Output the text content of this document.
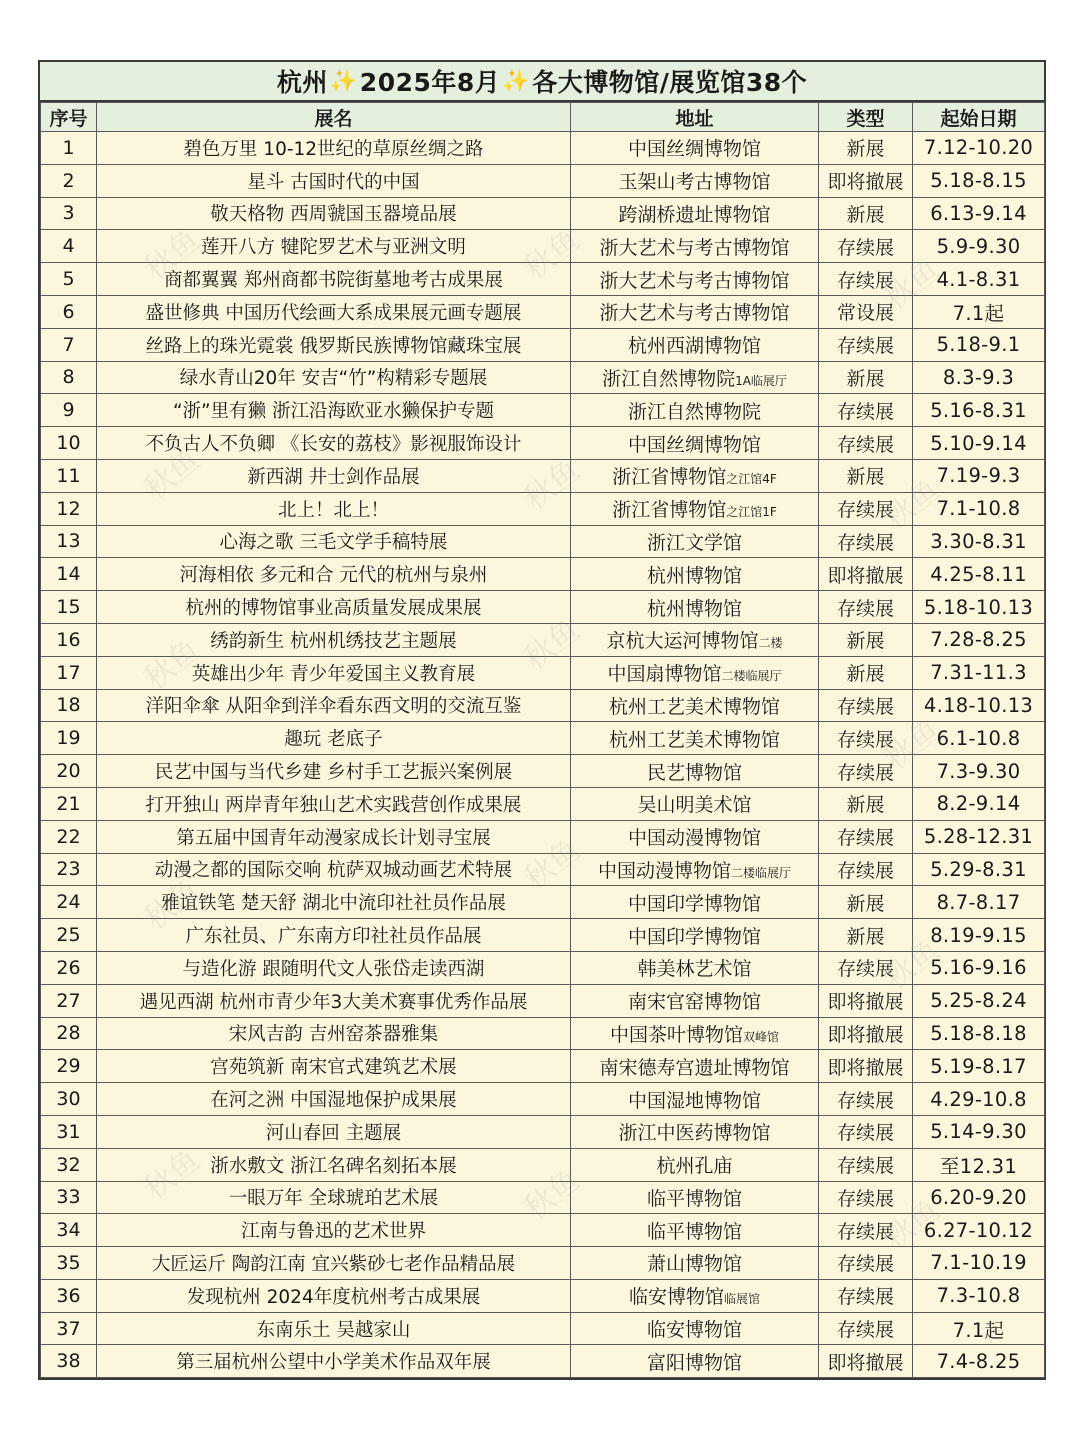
杭州 ✨ 2025年8月 ✨ 各大博物馆/展览馆38个
序号	展名	地址	类型	起始日期
1	碧色万里 10-12世纪的草原丝绸之路	中国丝绸博物馆	新展	7.12-10.20
2	星斗 古国时代的中国	玉架山考古博物馆	即将撤展	5.18-8.15
3	敬天格物 西周虢国玉器境品展	跨湖桥遗址博物馆	新展	6.13-9.14
4	莲开八方 犍陀罗艺术与亚洲文明	浙大艺术与考古博物馆	存续展	5.9-9.30
5	商都翼翼 郑州商都书院街墓地考古成果展	浙大艺术与考古博物馆	存续展	4.1-8.31
6	盛世修典 中国历代绘画大系成果展元画专题展	浙大艺术与考古博物馆	常设展	7.1起
7	丝路上的珠光霓裳 俄罗斯民族博物馆藏珠宝展	杭州西湖博物馆	存续展	5.18-9.1
8	绿水青山20年 安吉“竹”构精彩专题展	浙江自然博物院1A临展厅	新展	8.3-9.3
9	“浙”里有獭 浙江沿海欧亚水獭保护专题	浙江自然博物院	存续展	5.16-8.31
10	不负古人不负卿 《长安的荔枝》影视服饰设计	中国丝绸博物馆	存续展	5.10-9.14
11	新西湖 井士剑作品展	浙江省博物馆之江馆4F	新展	7.19-9.3
12	北上！北上！	浙江省博物馆之江馆1F	存续展	7.1-10.8
13	心海之歌 三毛文学手稿特展	浙江文学馆	存续展	3.30-8.31
14	河海相依 多元和合 元代的杭州与泉州	杭州博物馆	即将撤展	4.25-8.11
15	杭州的博物馆事业高质量发展成果展	杭州博物馆	存续展	5.18-10.13
16	绣韵新生 杭州机绣技艺主题展	京杭大运河博物馆二楼	新展	7.28-8.25
17	英雄出少年 青少年爱国主义教育展	中国扇博物馆二楼临展厅	新展	7.31-11.3
18	洋阳伞傘 从阳伞到洋伞看东西文明的交流互鉴	杭州工艺美术博物馆	存续展	4.18-10.13
19	趣玩 老底子	杭州工艺美术博物馆	存续展	6.1-10.8
20	民艺中国与当代乡建 乡村手工艺振兴案例展	民艺博物馆	存续展	7.3-9.30
21	打开独山 两岸青年独山艺术实践营创作成果展	吴山明美术馆	新展	8.2-9.14
22	第五届中国青年动漫家成长计划寻宝展	中国动漫博物馆	存续展	5.28-12.31
23	动漫之都的国际交响 杭萨双城动画艺术特展	中国动漫博物馆二楼临展厅	存续展	5.29-8.31
24	雅谊铁笔 楚天舒 湖北中流印社社员作品展	中国印学博物馆	新展	8.7-8.17
25	广东社员、广东南方印社社员作品展	中国印学博物馆	新展	8.19-9.15
26	与造化游 跟随明代文人张岱走读西湖	韩美林艺术馆	存续展	5.16-9.16
27	遇见西湖 杭州市青少年3大美术赛事优秀作品展	南宋官窑博物馆	即将撤展	5.25-8.24
28	宋风吉韵 吉州窑茶器雅集	中国茶叶博物馆双峰馆	即将撤展	5.18-8.18
29	宫苑筑新 南宋官式建筑艺术展	南宋德寿宫遗址博物馆	即将撤展	5.19-8.17
30	在河之洲 中国湿地保护成果展	中国湿地博物馆	存续展	4.29-10.8
31	河山春回 主题展	浙江中医药博物馆	存续展	5.14-9.30
32	浙水敷文 浙江名碑名刻拓本展	杭州孔庙	存续展	至12.31
33	一眼万年 全球琥珀艺术展	临平博物馆	存续展	6.20-9.20
34	江南与鲁迅的艺术世界	临平博物馆	存续展	6.27-10.12
35	大匠运斤 陶韵江南 宜兴紫砂七老作品精品展	萧山博物馆	存续展	7.1-10.19
36	发现杭州 2024年度杭州考古成果展	临安博物馆临展馆	存续展	7.3-10.8
37	东南乐土 吴越家山	临安博物馆	存续展	7.1起
38	第三届杭州公望中小学美术作品双年展	富阳博物馆	即将撤展	7.4-8.25
